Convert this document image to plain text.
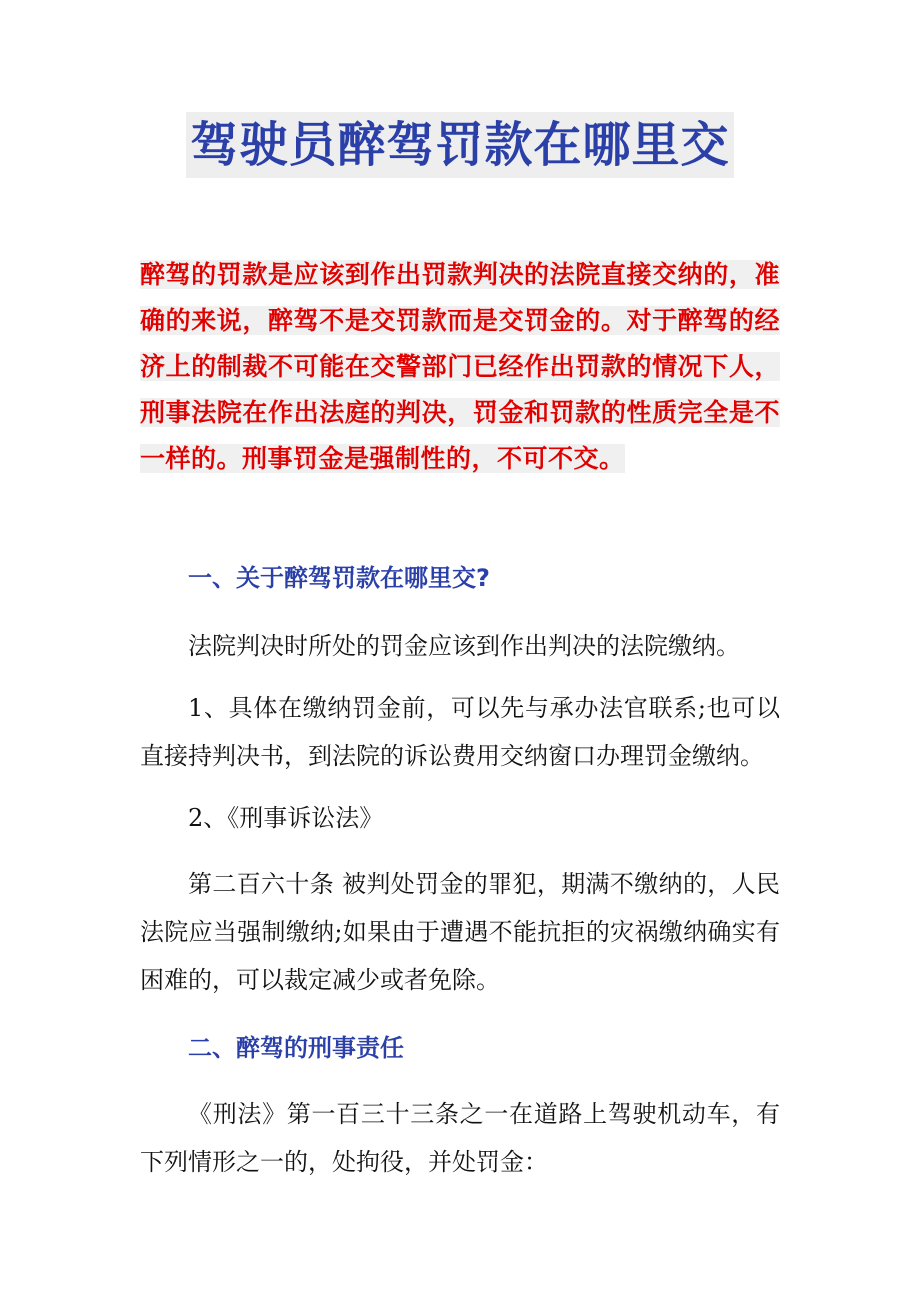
驾驶员醉驾罚款在哪里交
醉驾的罚款是应该到作出罚款判决的法院直接交纳的，准确的来说，醉驾不是交罚款而是交罚金的。对于醉驾的经济上的制裁不可能在交警部门已经作出罚款的情况下人，刑事法院在作出法庭的判决，罚金和罚款的性质完全是不一样的。刑事罚金是强制性的，不可不交。
一、关于醉驾罚款在哪里交?
法院判决时所处的罚金应该到作出判决的法院缴纳。
1、具体在缴纳罚金前，可以先与承办法官联系;也可以直接持判决书，到法院的诉讼费用交纳窗口办理罚金缴纳。
2、《刑事诉讼法》
第二百六十条 被判处罚金的罪犯，期满不缴纳的，人民法院应当强制缴纳;如果由于遭遇不能抗拒的灾祸缴纳确实有困难的，可以裁定减少或者免除。
二、醉驾的刑事责任
《刑法》第一百三十三条之一在道路上驾驶机动车，有下列情形之一的，处拘役，并处罚金：
